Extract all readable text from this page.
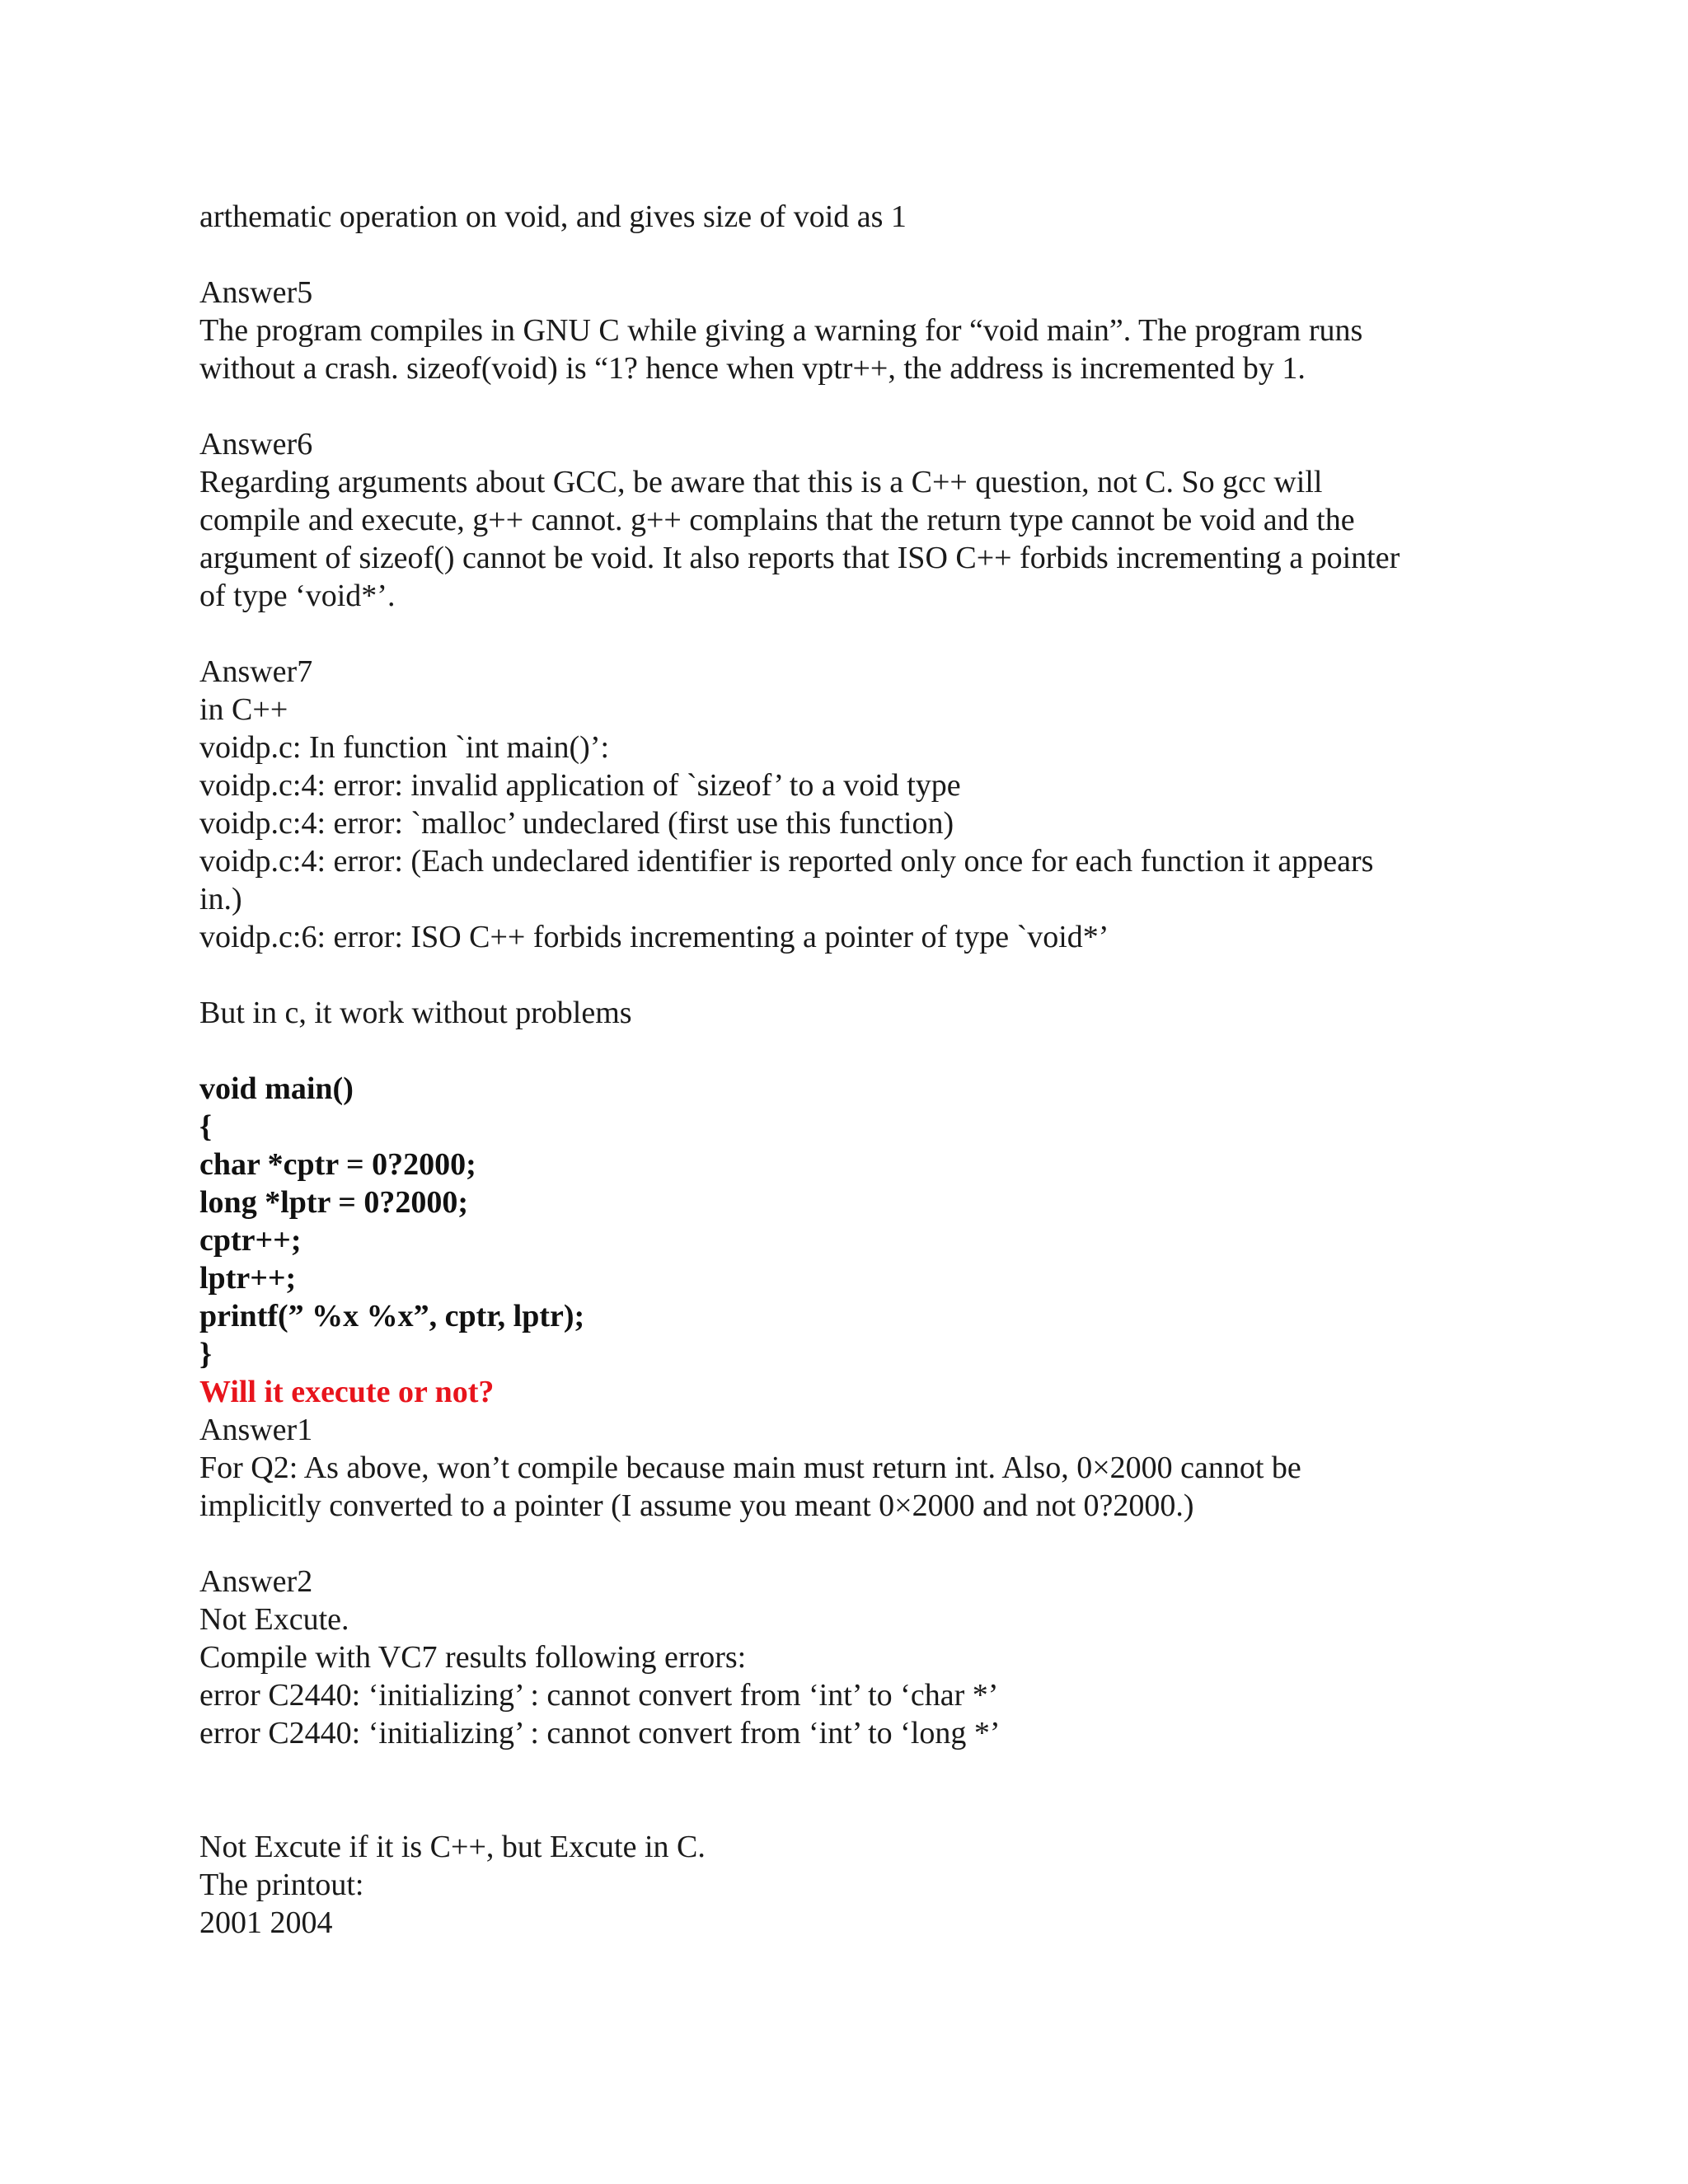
arthematic operation on void, and gives size of void as 1
Answer5
The program compiles in GNU C while giving a warning for “void main”. The program runs
without a crash. sizeof(void) is “1? hence when vptr++, the address is incremented by 1.
Answer6
Regarding arguments about GCC, be aware that this is a C++ question, not C. So gcc will
compile and execute, g++ cannot. g++ complains that the return type cannot be void and the
argument of sizeof() cannot be void. It also reports that ISO C++ forbids incrementing a pointer
of type ‘void*’.
Answer7
in C++
voidp.c: In function `int main()’:
voidp.c:4: error: invalid application of `sizeof’ to a void type
voidp.c:4: error: `malloc’ undeclared (first use this function)
voidp.c:4: error: (Each undeclared identifier is reported only once for each function it appears
in.)
voidp.c:6: error: ISO C++ forbids incrementing a pointer of type `void*’
But in c, it work without problems
void main()
{
char *cptr = 0?2000;
long *lptr = 0?2000;
cptr++;
lptr++;
printf(” %x %x”, cptr, lptr);
}
Will it execute or not?
Answer1
For Q2: As above, won’t compile because main must return int. Also, 0×2000 cannot be
implicitly converted to a pointer (I assume you meant 0×2000 and not 0?2000.)
Answer2
Not Excute.
Compile with VC7 results following errors:
error C2440: ‘initializing’ : cannot convert from ‘int’ to ‘char *’
error C2440: ‘initializing’ : cannot convert from ‘int’ to ‘long *’
Not Excute if it is C++, but Excute in C.
The printout:
2001 2004
